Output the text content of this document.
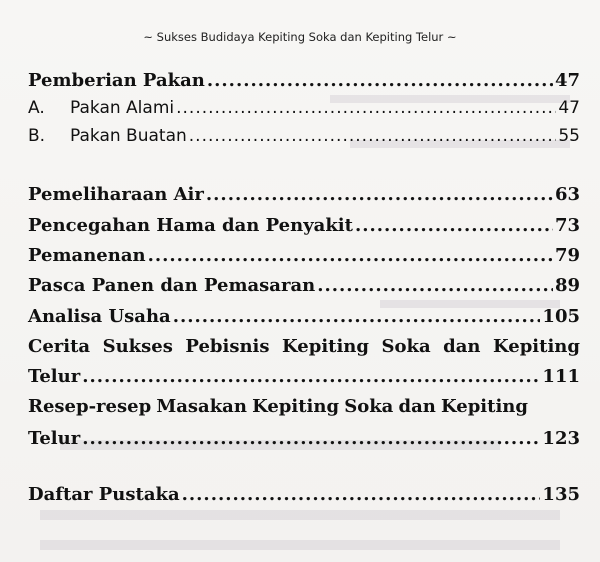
~ Sukses Budidaya Kepiting Soka dan Kepiting Telur ~
Pemberian Pakan .....	47
A.	Pakan Alami .....	47
B.	Pakan Buatan .....	55
Pemeliharaan Air .....	63
Pencegahan Hama dan Penyakit .....	73
Pemanenan .....	79
Pasca Panen dan Pemasaran .....	89
Analisa Usaha .....	105
Cerita Sukses Pebisnis Kepiting Soka dan Kepiting
Telur .....	111
Resep-resep Masakan Kepiting Soka dan Kepiting
Telur .....	123
Daftar Pustaka .....	135
